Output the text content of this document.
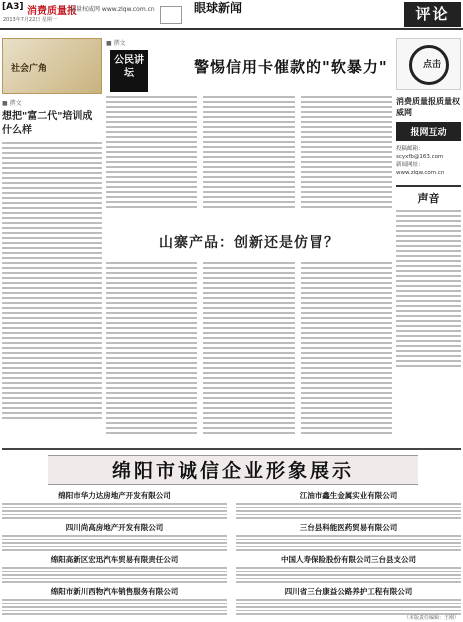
[A3] 消费质量报
质量权威网 www.zlqw.com.cn
2013年7月22日 星期一
眼球新闻	评论
社会广角
■ 撰文
想把"富二代"培训成什么样
■ 撰文
公民讲坛	警惕信用卡催款的"软暴力"
山寨产品：创新还是仿冒？
点击
消费质量报质量权威网
报网互动
投稿邮箱：
scyxfb@163.com
新闻网址：
www.zlqw.com.cn
声音
绵阳市诚信企业形象展示
绵阳市华力达房地产开发有限公司	江油市鑫生金属实业有限公司
四川尚高房地产开发有限公司	三台县科能医药贸易有限公司
绵阳高新区宏迅汽车贸易有限责任公司	中国人寿保险股份有限公司三台县支公司
绵阳市新川西物汽车销售服务有限公司	四川省三台康益公路养护工程有限公司
（本版责任编辑：王刚）
